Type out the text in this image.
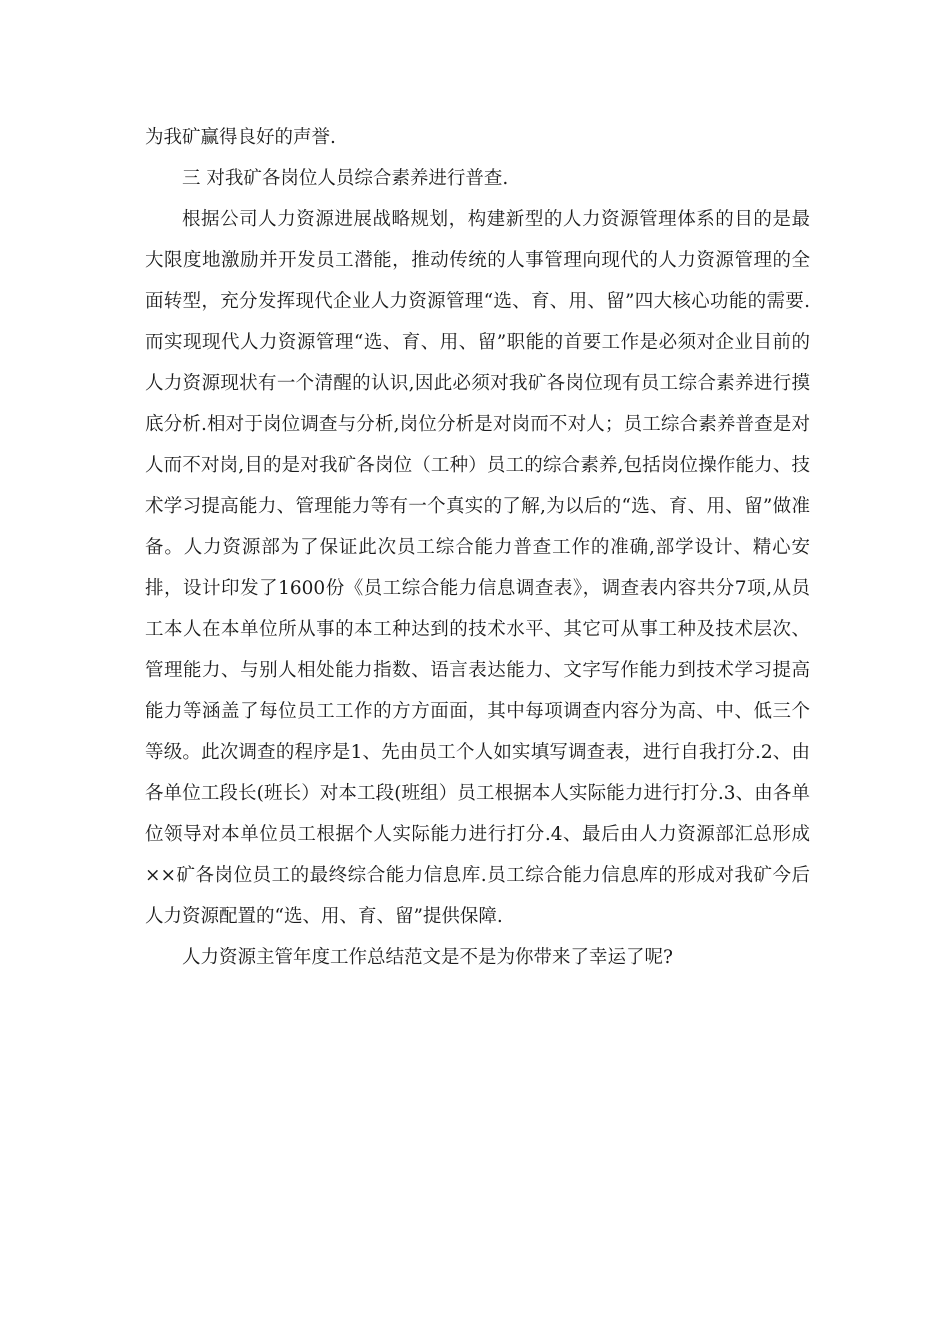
为我矿赢得良好的声誉.

三 对我矿各岗位人员综合素养进行普查.

根据公司人力资源进展战略规划，构建新型的人力资源管理体系的目的是最大限度地激励并开发员工潜能，推动传统的人事管理向现代的人力资源管理的全面转型，充分发挥现代企业人力资源管理“选、育、用、留”四大核心功能的需要.而实现现代人力资源管理“选、育、用、留”职能的首要工作是必须对企业目前的人力资源现状有一个清醒的认识,因此必须对我矿各岗位现有员工综合素养进行摸底分析.相对于岗位调查与分析,岗位分析是对岗而不对人；员工综合素养普查是对人而不对岗,目的是对我矿各岗位（工种）员工的综合素养,包括岗位操作能力、技术学习提高能力、管理能力等有一个真实的了解,为以后的“选、育、用、留”做准备。人力资源部为了保证此次员工综合能力普查工作的准确,部学设计、精心安排，设计印发了1600份《员工综合能力信息调查表》，调查表内容共分7项,从员工本人在本单位所从事的本工种达到的技术水平、其它可从事工种及技术层次、管理能力、与别人相处能力指数、语言表达能力、文字写作能力到技术学习提高能力等涵盖了每位员工工作的方方面面，其中每项调查内容分为高、中、低三个等级。此次调查的程序是1、先由员工个人如实填写调查表，进行自我打分.2、由各单位工段长(班长）对本工段(班组）员工根据本人实际能力进行打分.3、由各单位领导对本单位员工根据个人实际能力进行打分.4、最后由人力资源部汇总形成××矿各岗位员工的最终综合能力信息库.员工综合能力信息库的形成对我矿今后人力资源配置的“选、用、育、留”提供保障.

人力资源主管年度工作总结范文是不是为你带来了幸运了呢?
